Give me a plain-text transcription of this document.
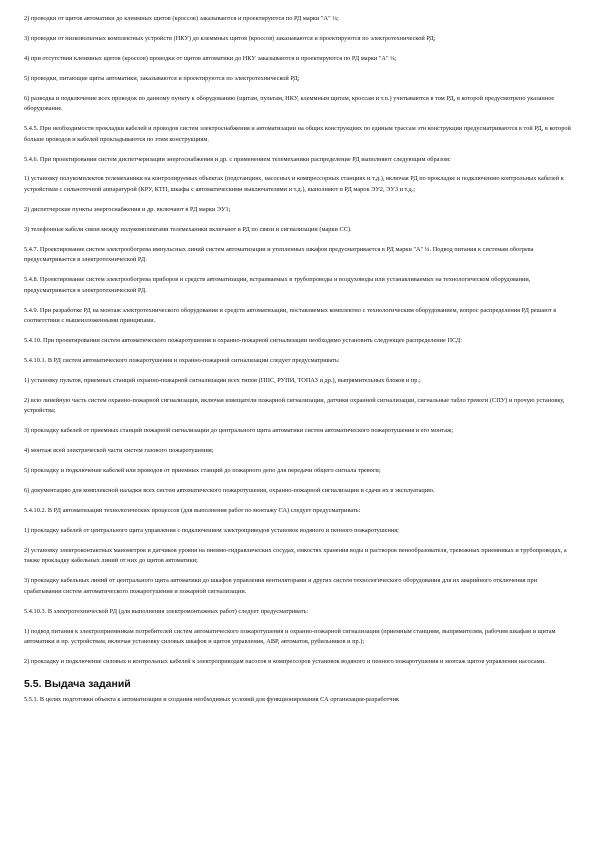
2) проводки от щитов автоматики до клеммных щитов (кроссов) заказываются и проектируются по РД марки "А" ¼;

3) проводки от низковольтных комплектных устройств (НКУ) до клеммных щитов (кроссов) заказываются и проектируются по электротехнической РД;

4) при отсутствии клеммных щитов (кроссов) проводки от щитов автоматики до НКУ заказываются и проектируются по РД марки "А" ¼;

5) проводки, питающие щиты автоматики, заказываются и проектируются по электротехнической РД;

6) разводка и подключение всех проводок по данному пункту к оборудованию (щитам, пультам, НКУ, клеммным щитам, кроссам и т.п.) учитываются в том РД, в которой предусмотрено указанное оборудование.

5.4.5. При необходимости прокладки кабелей и проводов систем электроснабжения и автоматизации на общих конструкциях по единым трассам эти конструкции предусматриваются в той РД, в которой больше проводов и кабелей прокладываются по этим конструкциям.

5.4.6. При проектировании систем диспетчеризации энергоснабжения и др. с применением телемеханики распределение РД выполняют следующим образом:

1) установку полукомплектов телемеханики на контролируемых объектах (подстанциях, насосных и компрессорных станциях и т.д.), включая РД по прокладке и подключению контрольных кабелей к устройствам с сильноточной аппаратурой (КРУ, КТП, шкафы с автоматическими выключателями и т.д.), выполняют в РД марок ЭУ2, ЭУ3 и т.д.;

2) диспетчерские пункты энергоснабжения и др. включают в РД марки ЭУ1;

3) телефонные кабели связи между полукомплектами телемеханики включают в РД по связи и сигнализации (марки СС).

5.4.7. Проектирование систем электрообогрева импульсных линий систем автоматизации и утепленных шкафов предусматривается в РД марки "А" ¼. Подвод питания к системам обогрева предусматривается в электротехнической РД.

5.4.8. Проектирование систем электрообогрева приборов и средств автоматизации, встраиваемых в трубопроводы и воздуховоды или устанавливаемых на технологическом оборудовании, предусматривается в электротехнической РД.

5.4.9. При разработке РД на монтаж электротехнического оборудования и средств автоматизации, поставляемых комплектно с технологическим оборудованием, вопрос распределения РД решают в соответствии с вышеизложенными принципами.

5.4.10. При проектировании систем автоматического пожаротушения и охранно-пожарной сигнализации необходимо установить следующее распределение ПСД:

5.4.10.1. В РД систем автоматического пожаротушения и охранно-пожарной сигнализации следует предусматривать:

1) установку пультов, приемных станций охранно-пожарной сигнализации всех типов (ППС, РУПИ, ТОПАЗ и др.), выпрямительных блоков и пр.;

2) всю линейную часть систем охранно-пожарной сигнализации, включая извещатели пожарной сигнализации, датчики охранной сигнализации, сигнальные табло тревоги (СПУ) и прочую установку, устройства;

3) прокладку кабелей от приемных станций пожарной сигнализации до центрального щита автоматики систем автоматического пожаротушения и его монтаж;

4) монтаж всей электрической части систем газового пожаротушения;

5) прокладку и подключение кабелей или проводов от приемных станций до пожарного депо для передачи общего сигнала тревоги;

6) документацию для комплексной наладки всех систем автоматического пожаротушения, охранно-пожарной сигнализации и сдачи их в эксплуатацию.

5.4.10.2. В РД автоматизации технологических процессов (для выполнения работ по монтажу СА) следует предусматривать:

1) прокладку кабелей от центрального щита управления с подключением электроприводов установок водяного и пенного пожаротушения;

2) установку электроконтактных манометров и датчиков уровня на пневмо-гидравлических сосудах, емкостях хранения воды и растворов пенообразователя, тревожных приемниках и трубопроводах, а также прокладку кабельных линий от них до щитов автоматики;

3) прокладку кабельных линий от центрального щита автоматики до шкафов управления вентиляторами и других систем технологического оборудования для их аварийного отключения при срабатывании систем автоматического пожаротушения и пожарной сигнализации.

5.4.10.3. В электротехнической РД (для выполнения электромонтажных работ) следует предусматривать:

1) подвод питания к электроприемникам потребителей систем автоматического пожаротушения и охранно-пожарной сигнализации (приемным станциям, выпрямителям, рабочим шкафам и щитам автоматики и пр. устройствам, включая установку силовых шкафов и щитов управления, АВР, автоматов, рубильников и пр.);

2) прокладку и подключение силовых и контрольных кабелей к электроприводам насосов и компрессоров установок водяного и пенного пожаротушения и монтаж щитов управления насосами.

5.5. Выдача заданий

5.5.1. В целях подготовки объекта к автоматизации и создания необходимых условий для функционирования СА организация-разработчик
